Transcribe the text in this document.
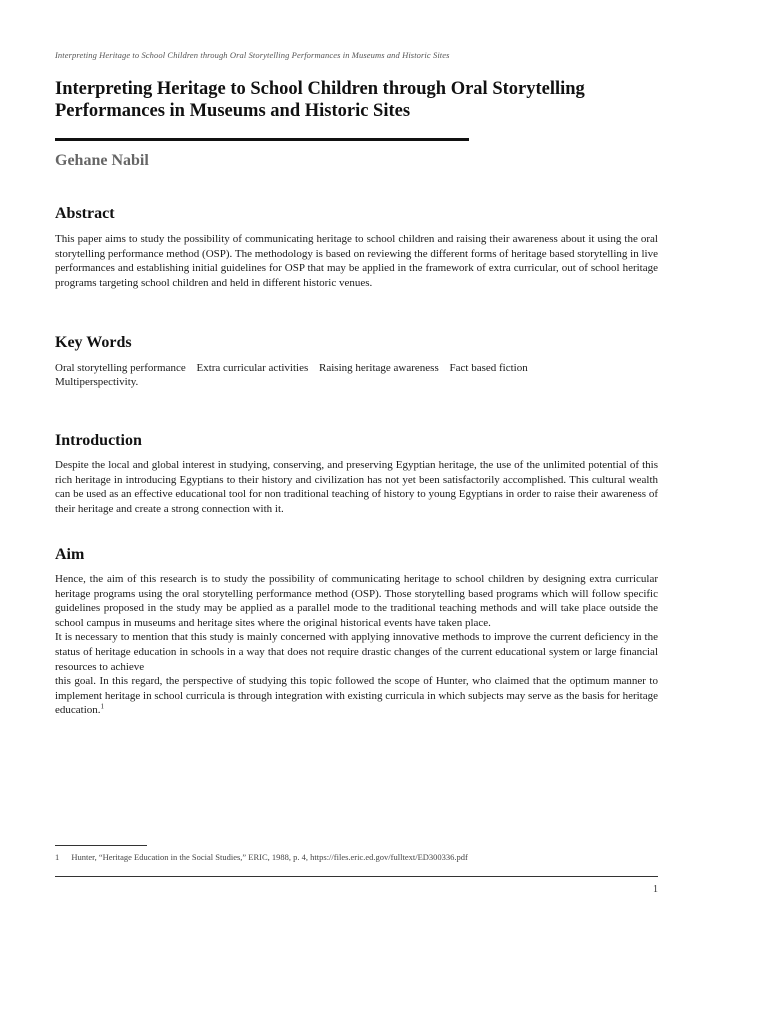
Interpreting Heritage to School Children through Oral Storytelling Performances in Museums and Historic Sites
Interpreting Heritage to School Children through Oral Storytelling Performances in Museums and Historic Sites
Gehane Nabil
Abstract
This paper aims to study the possibility of communicating heritage to school children and raising their awareness about it using the oral storytelling performance method (OSP). The methodology is based on reviewing the different forms of heritage based storytelling in live performances and establishing initial guidelines for OSP that may be applied in the framework of extra curricular, out of school heritage programs targeting school children and held in different historic venues.
Key Words
Oral storytelling performance Extra curricular activities Raising heritage awareness Fact based fiction
Multiperspectivity.
Introduction
Despite the local and global interest in studying, conserving, and preserving Egyptian heritage, the use of the unlimited potential of this rich heritage in introducing Egyptians to their history and civilization has not yet been satisfactorily accomplished. This cultural wealth can be used as an effective educational tool for non traditional teaching of history to young Egyptians in order to raise their awareness of their heritage and create a strong connection with it.
Aim

Hence, the aim of this research is to study the possibility of communicating heritage to school children by designing extra curricular heritage programs using the oral storytelling performance method (OSP). Those storytelling based programs which will follow specific guidelines proposed in the study may be applied as a parallel mode to the traditional teaching methods and will take place outside the school campus in museums and heritage sites where the original historical events have taken place.

It is necessary to mention that this study is mainly concerned with applying innovative methods to improve the current deficiency in the status of heritage education in schools in a way that does not require drastic changes of the current educational system or large financial resources to achieve

this goal. In this regard, the perspective of studying this topic followed the scope of Hunter, who claimed that the optimum manner to implement heritage in school curricula is through integration with existing curricula in which subjects may serve as the basis for heritage education.$^1$

1 Hunter, “Heritage Education in the Social Studies,” ERIC, 1988, p. 4, https://files.eric.ed.gov/fulltext/ED300336.pdf
1
